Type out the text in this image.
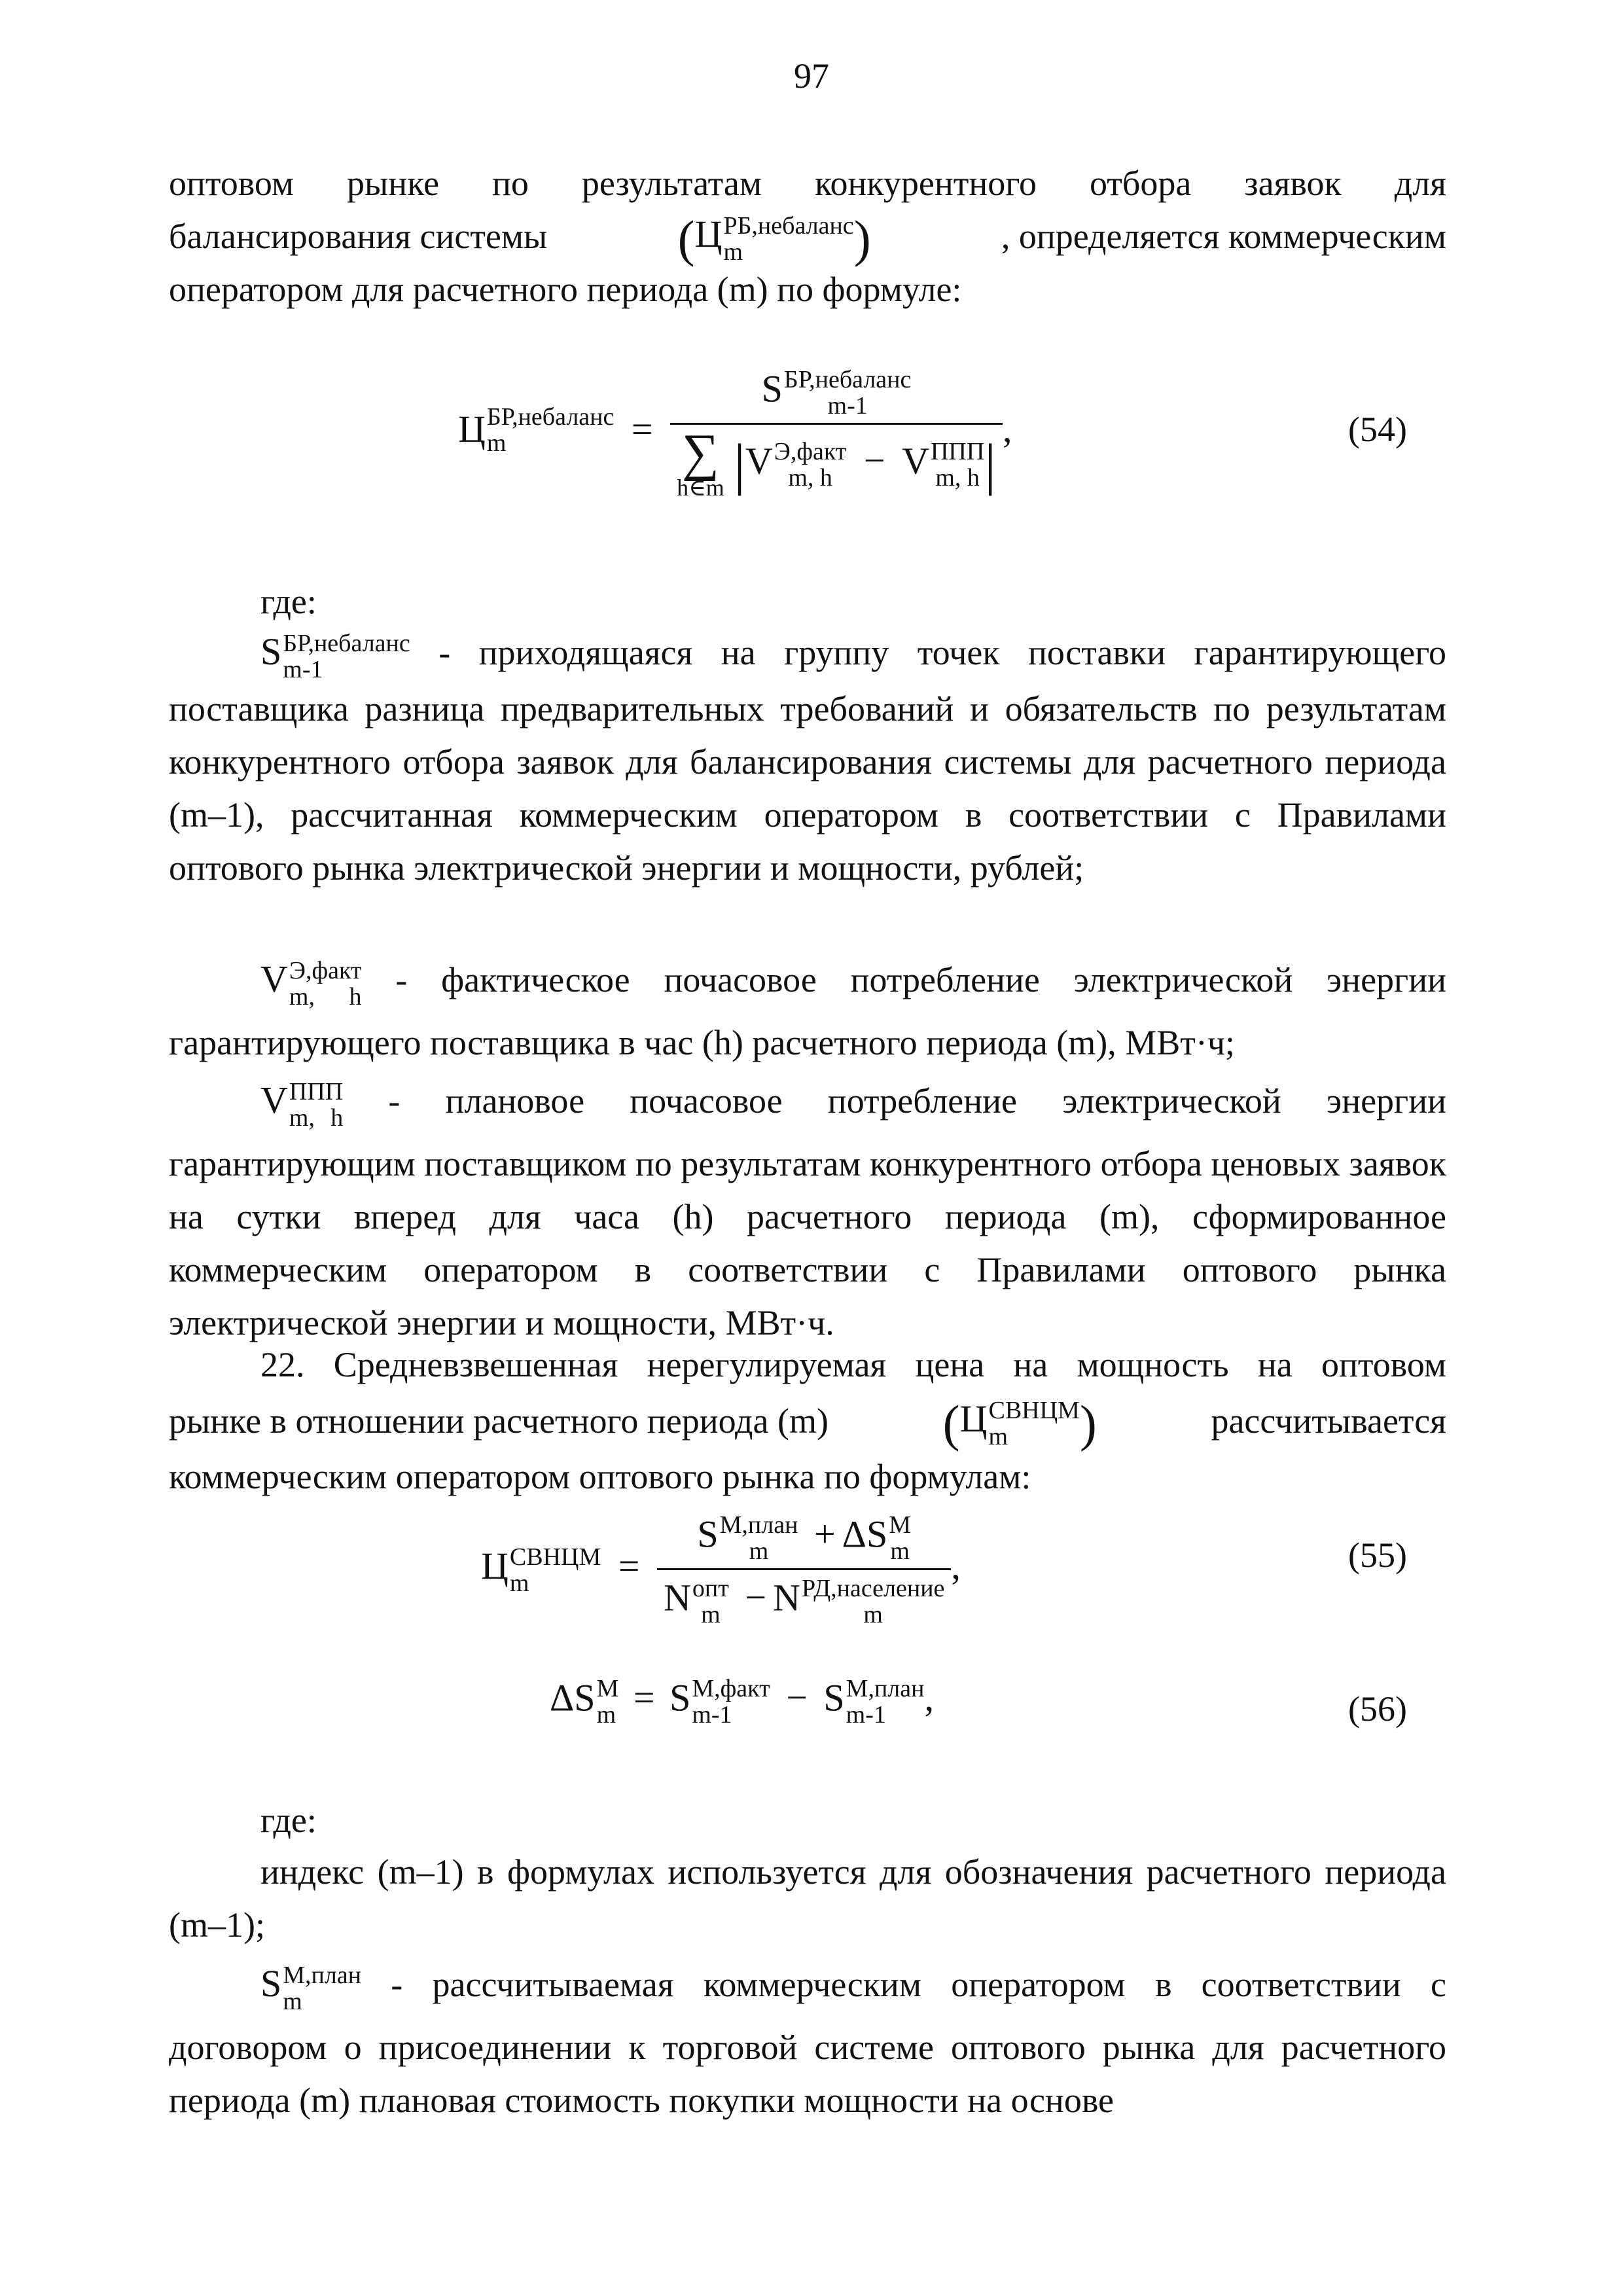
97
оптовом рынке по результатам конкурентного отбора заявок для
балансирования системы	(Ц РБ,небаланс
m	)	, определяется коммерческим
оператором для расчетного периода (m) по формуле:
Ц БР,небаланс
m	=
S БР,небаланс
m-1
∑
h∈m |V Э,факт
m, h − V ППП
m, h |
,	(54)
где:
S БР,небаланс
m-1	- приходящаяся на группу точек поставки гарантирующего
поставщика разница предварительных требований и обязательств по результатам конкурентного отбора заявок для балансирования системы для расчетного периода (m–1), рассчитанная коммерческим оператором в соответствии с Правилами оптового рынка электрической энергии и мощности, рублей;
V Э,факт
m, h - фактическое почасовое потребление электрической энергии
гарантирующего поставщика в час (h) расчетного периода (m), МВт·ч;
V ППП
m, h - плановое почасовое потребление электрической энергии
гарантирующим поставщиком по результатам конкурентного отбора ценовых заявок на сутки вперед для часа (h) расчетного периода (m), сформированное коммерческим оператором в соответствии с Правилами оптового рынка электрической энергии и мощности, МВт·ч.
22. Средневзвешенная нерегулируемая цена на мощность на оптовом
рынке в отношении расчетного периода (m) (Ц СВНЦМ
m	)	рассчитывается
коммерческим оператором оптового рынка по формулам:
Ц СВНЦМ
m	= S М,план
m	+ ΔS М
m
N опт
m − N РД,население
m ,	(55)
ΔS М
m = S М,факт
m-1	− S М,план
m-1	,	(56)
где:
индекс (m–1) в формулах используется для обозначения расчетного периода (m–1);
S М,план
m	- рассчитываемая коммерческим оператором в соответствии с
договором о присоединении к торговой системе оптового рынка для расчетного периода (m) плановая стоимость покупки мощности на основе
